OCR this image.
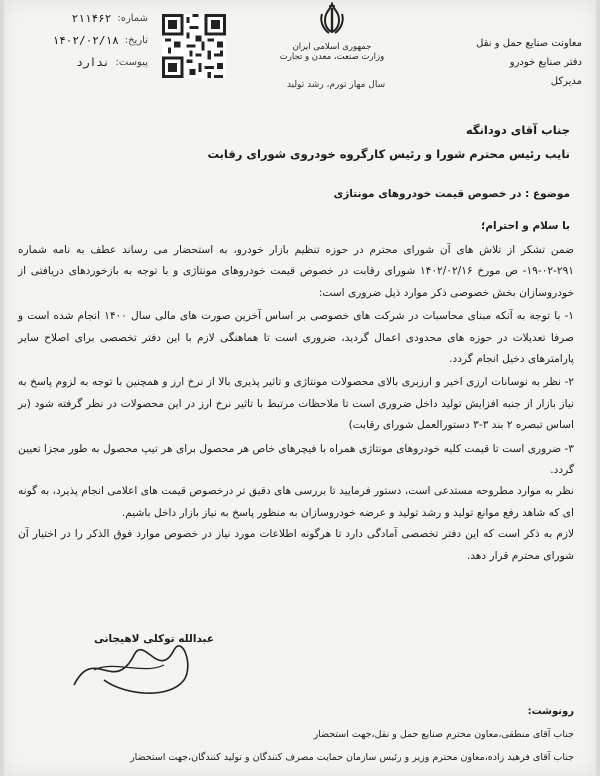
معاونت صنایع حمل و نقل
دفتر صنایع خودرو
مدیرکل
جمهوری اسلامی ایران
وزارت صنعت، معدن و تجارت
سال مهار تورم، رشد تولید
شماره:
۲۱۱۴۶۲
تاریخ:
۱۴۰۲/۰۲/۱۸
پیوست:
ندارد
جناب آقای دودانگه
نایب رئیس محترم شورا و رئیس کارگروه خودروی شورای رقابت
موضوع : در خصوص قیمت خودروهای مونتاژی
با سلام و احترام؛

ضمن تشکر از تلاش های آن شورای محترم در حوزه تنظیم بازار خودرو، به استحضار می رساند عطف به نامه شماره ۲۹۱-۰۲-۱۹- ص مورخ ۱۴۰۲/۰۲/۱۶ شورای رقابت در خصوص قیمت خودروهای مونتاژی و با توجه به بازخوردهای دریافتی از خودروسازان بخش خصوصی ذکر موارد ذیل ضروری است:

۱- با توجه به آنکه مبنای محاسبات در شرکت های خصوصی بر اساس آخرین صورت های مالی سال ۱۴۰۰ انجام شده است و صرفا تعدیلات در حوزه های محدودی اعمال گردید، ضروری است تا هماهنگی لازم با این دفتر تخصصی برای اصلاح سایر پارامترهای دخیل انجام گردد.

۲- نظر به نوسانات ارزی اخیر و ارزبری بالای محصولات مونتاژی و تاثیر پذیری بالا از نرخ ارز و همچنین با توجه به لزوم پاسخ به نیاز بازار از جنبه افزایش تولید داخل ضروری است تا ملاحظات مرتبط با تاثیر نرخ ارز در این محصولات در نظر گرفته شود (بر اساس تبصره ۲ بند ۳-۳ دستورالعمل شورای رقابت)

۳- ضروری است تا قیمت کلیه خودروهای مونتاژی همراه با فیچرهای خاص هر محصول برای هر تیپ محصول به طور مجزا تعیین گردد.

نظر به موارد مطروحه مستدعی است، دستور فرمایید تا بررسی های دقیق تر درخصوص قیمت های اعلامی انجام پذیرد، به گونه ای که شاهد رفع موانع تولید و رشد تولید و عرضه خودروسازان به منظور پاسخ به نیاز بازار داخل باشیم.

لازم به ذکر است که این دفتر تخصصی آمادگی دارد تا هرگونه اطلاعات مورد نیاز در خصوص موارد فوق الذکر را در اختیار آن شورای محترم قرار دهد.

عبدالله توکلی لاهیجانی
رونوشت:
جناب آقای منطقی،معاون محترم صنایع حمل و نقل،جهت استحضار
جناب آقای فرهید زاده،معاون محترم وزیر و رئیس سازمان حمایت مصرف کنندگان و تولید کنندگان،جهت استحضار
